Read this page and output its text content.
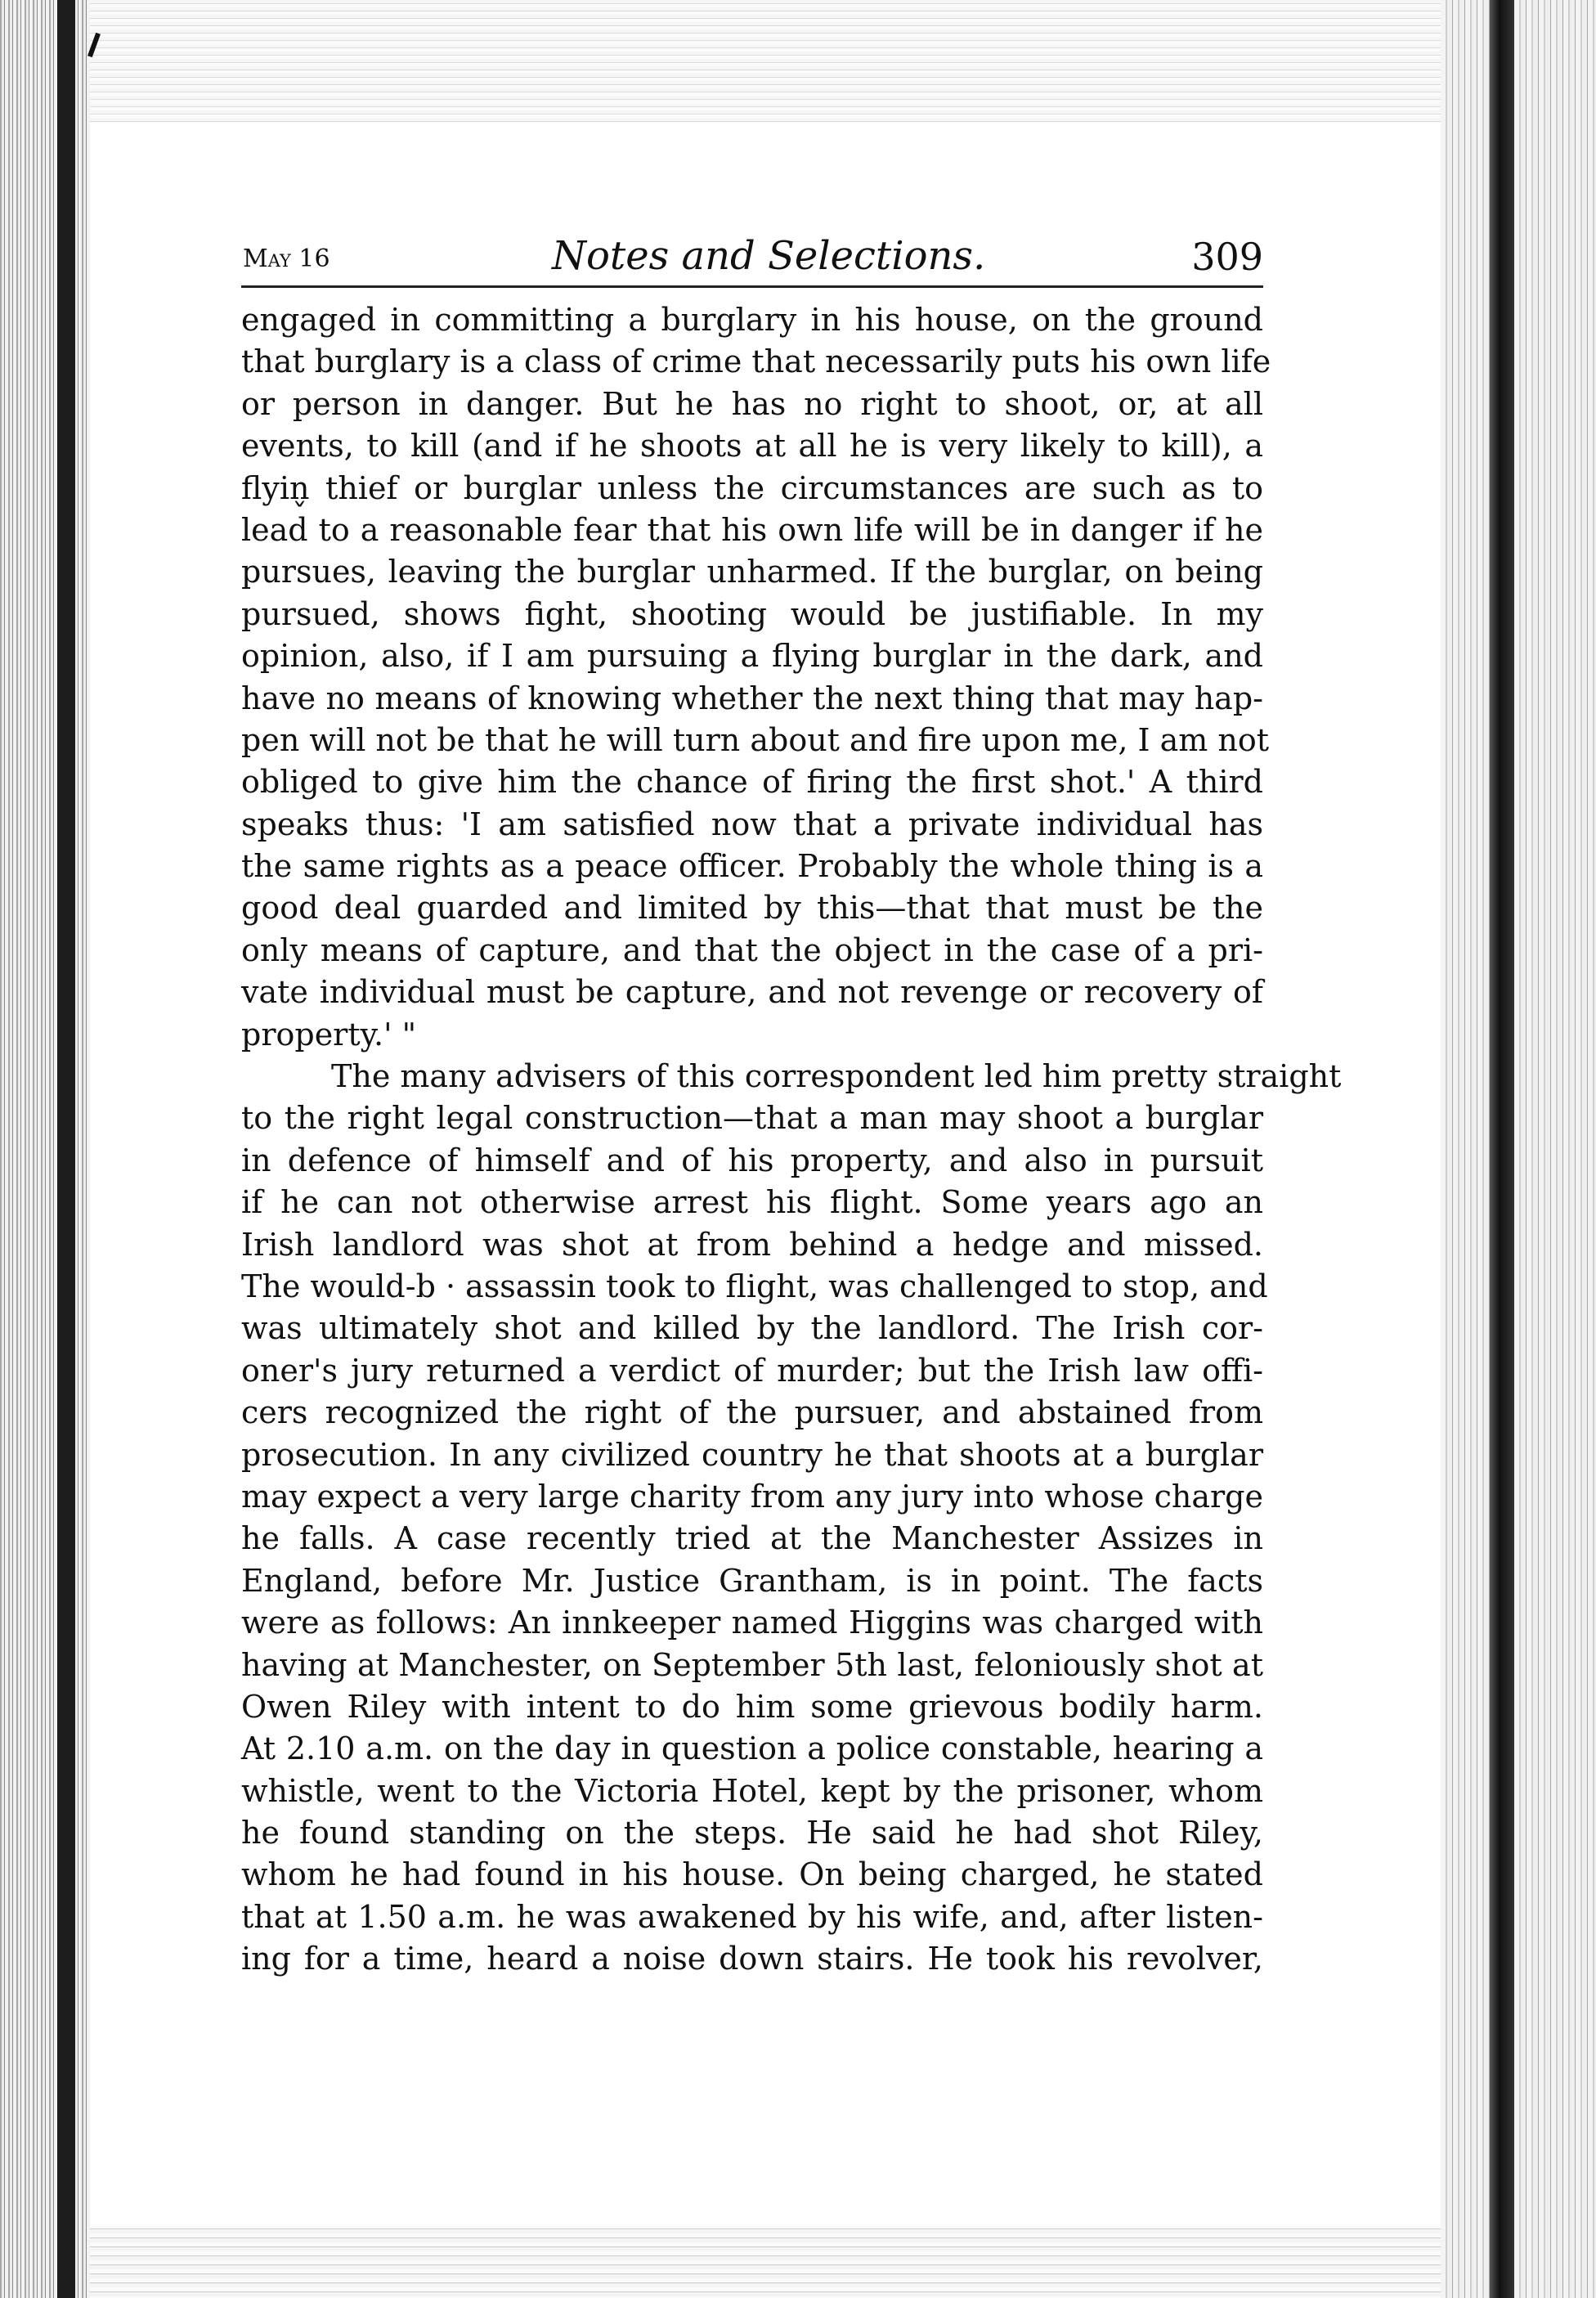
May 16	Notes and Selections.	309
engaged in committing a burglary in his house, on the ground
that burglary is a class of crime that necessarily puts his own life
or person in danger. But he has no right to shoot, or, at all
events, to kill (and if he shoots at all he is very likely to kill), a
flyin̬ thief or burglar unless the circumstances are such as to
lead to a reasonable fear that his own life will be in danger if he
pursues, leaving the burglar unharmed. If the burglar, on being
pursued, shows fight, shooting would be justifiable. In my
opinion, also, if I am pursuing a flying burglar in the dark, and
have no means of knowing whether the next thing that may hap-
pen will not be that he will turn about and fire upon me, I am not
obliged to give him the chance of firing the first shot.' A third
speaks thus: 'I am satisfied now that a private individual has
the same rights as a peace officer. Probably the whole thing is a
good deal guarded and limited by this—that that must be the
only means of capture, and that the object in the case of a pri-
vate individual must be capture, and not revenge or recovery of
property.' "
The many advisers of this correspondent led him pretty straight
to the right legal construction—that a man may shoot a burglar
in defence of himself and of his property, and also in pursuit
if he can not otherwise arrest his flight. Some years ago an
Irish landlord was shot at from behind a hedge and missed.
The would-b · assassin took to flight, was challenged to stop, and
was ultimately shot and killed by the landlord. The Irish cor-
oner's jury returned a verdict of murder; but the Irish law offi-
cers recognized the right of the pursuer, and abstained from
prosecution. In any civilized country he that shoots at a burglar
may expect a very large charity from any jury into whose charge
he falls. A case recently tried at the Manchester Assizes in
England, before Mr. Justice Grantham, is in point. The facts
were as follows: An innkeeper named Higgins was charged with
having at Manchester, on September 5th last, feloniously shot at
Owen Riley with intent to do him some grievous bodily harm.
At 2.10 a.m. on the day in question a police constable, hearing a
whistle, went to the Victoria Hotel, kept by the prisoner, whom
he found standing on the steps. He said he had shot Riley,
whom he had found in his house. On being charged, he stated
that at 1.50 a.m. he was awakened by his wife, and, after listen-
ing for a time, heard a noise down stairs. He took his revolver,
